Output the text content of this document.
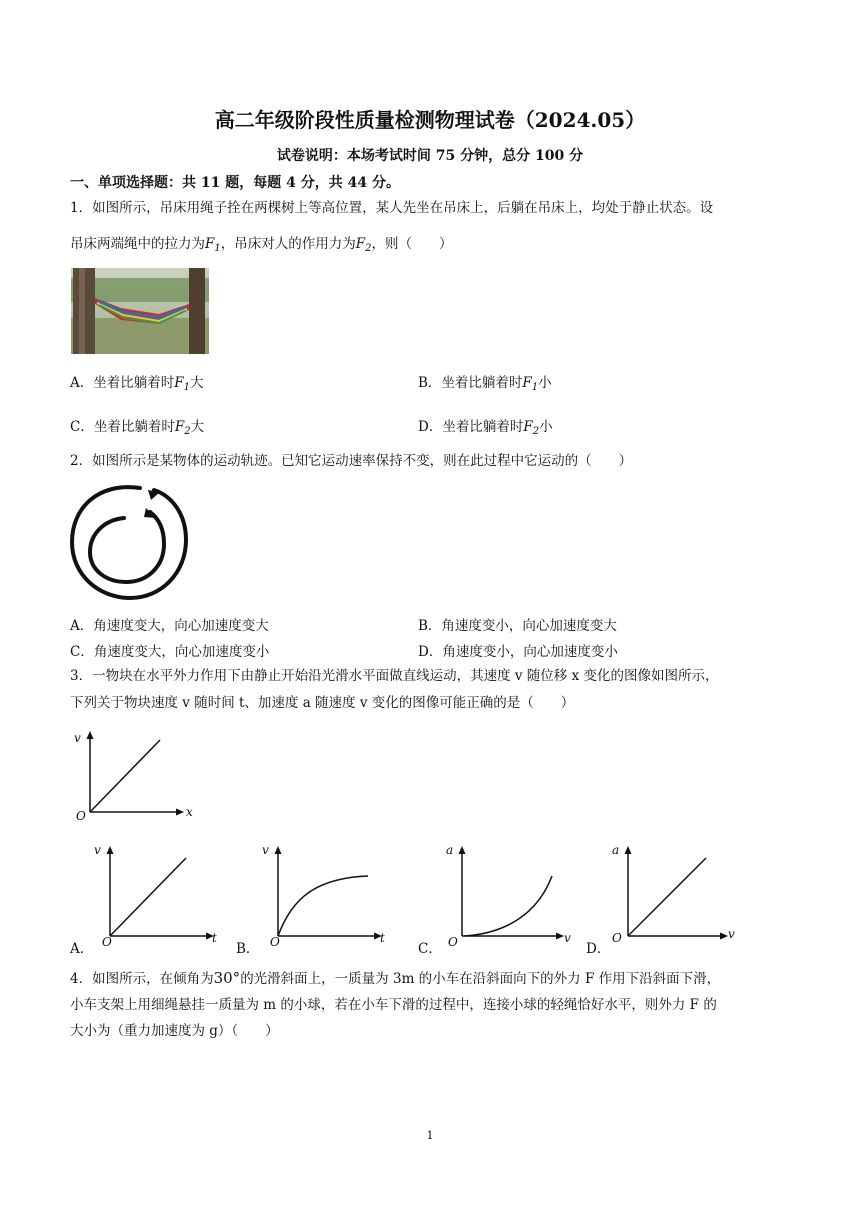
高二年级阶段性质量检测物理试卷（2024.05）
试卷说明：本场考试时间 75 分钟，总分 100 分
一、单项选择题：共 11 题，每题 4 分，共 44 分。
1．如图所示，吊床用绳子拴在两棵树上等高位置，某人先坐在吊床上，后躺在吊床上，均处于静止状态。设
吊床两端绳中的拉力为$F_1$，吊床对人的作用力为$F_2$，则（　　）
A．坐着比躺着时$F_1$大	B．坐着比躺着时$F_1$小
C．坐着比躺着时$F_2$大	D．坐着比躺着时$F_2$小
2．如图所示是某物体的运动轨迹。已知它运动速率保持不变，则在此过程中它运动的（　　）
A．角速度变大，向心加速度变大	B．角速度变小，向心加速度变大
C．角速度变大，向心加速度变小	D．角速度变小，向心加速度变小
3．一物块在水平外力作用下由静止开始沿光滑水平面做直线运动，其速度 v 随位移 x 变化的图像如图所示，
下列关于物块速度 v 随时间 t、加速度 a 随速度 v 变化的图像可能正确的是（　　）
v
x
O
A．
v
t
O	B．
v
t
O	C．
a
v
O	D．
a
v
O
4．如图所示，在倾角为30°的光滑斜面上，一质量为 3m 的小车在沿斜面向下的外力 F 作用下沿斜面下滑，
小车支架上用细绳悬挂一质量为 m 的小球，若在小车下滑的过程中，连接小球的轻绳恰好水平，则外力 F 的
大小为（重力加速度为 g）（　　）
1
